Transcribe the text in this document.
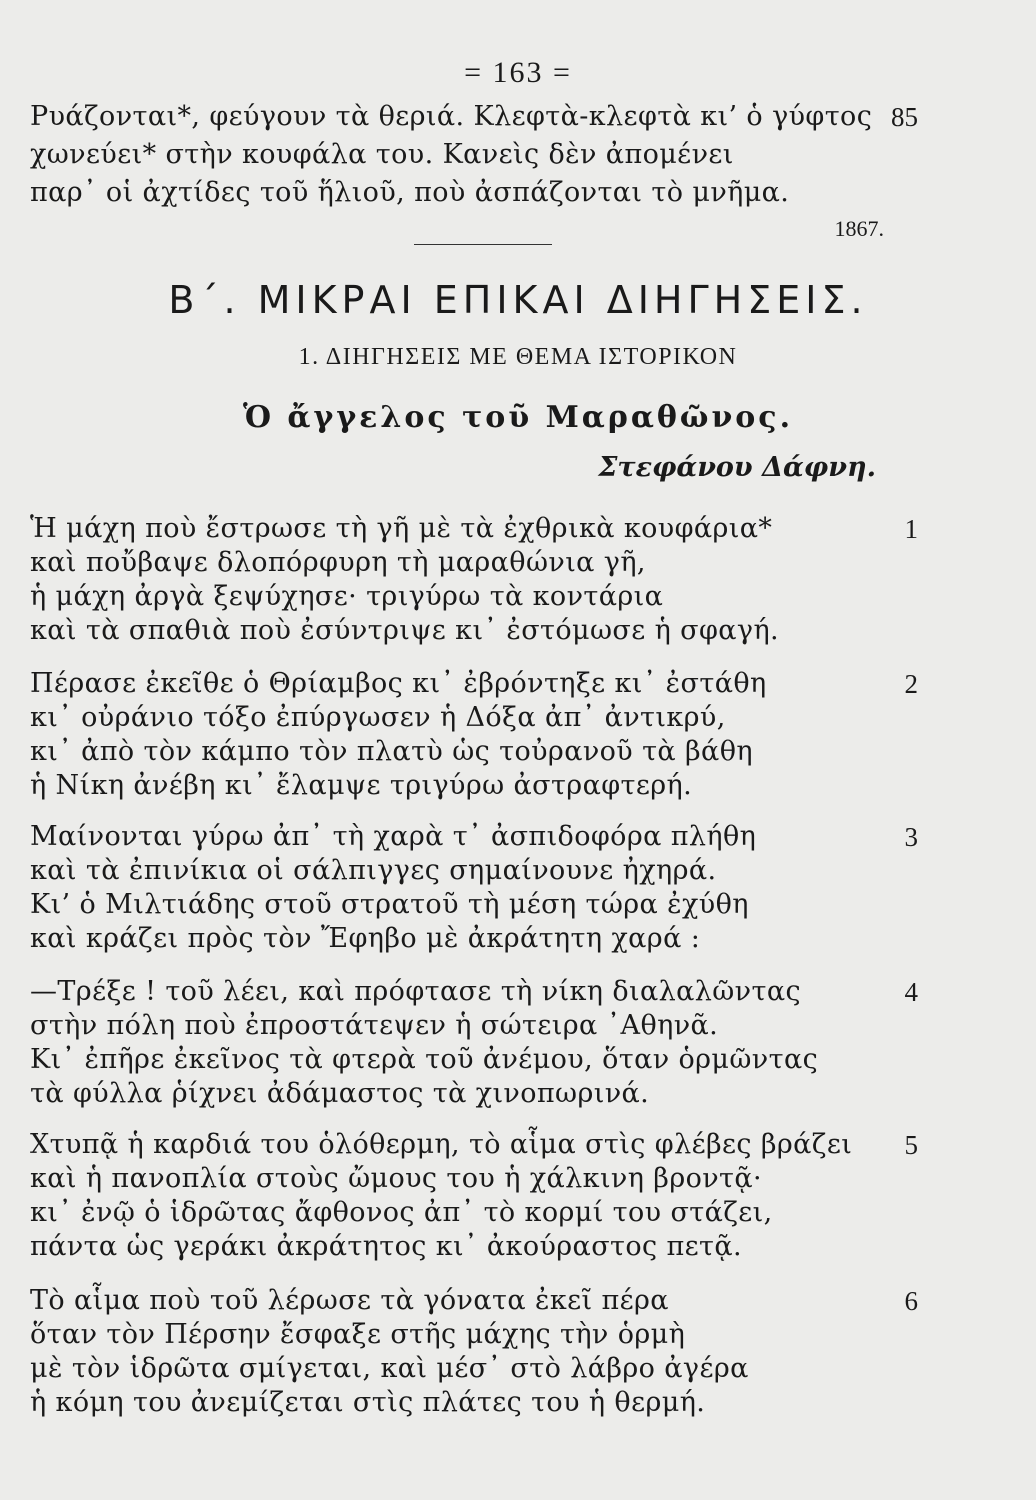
= 163 =
Ρυάζονται*, φεύγουν τὰ θεριά. Κλεφτὰ-κλεφτὰ κι’ ὁ γύφτος 85
χωνεύει* στὴν κουφάλα του. Κανεὶς δὲν ἀπομένει
παρ᾽ οἱ ἀχτίδες τοῦ ἥλιοῦ, ποὺ ἀσπάζονται τὸ μνῆμα.
1867.
Β΄. ΜΙΚΡΑΙ ΕΠΙΚΑΙ ΔΙΗΓΗΣΕΙΣ.
1. ΔΙΗΓΗΣΕΙΣ ΜΕ ΘΕΜΑ ΙΣΤΟΡΙΚΟΝ
Ὁ ἄγγελος τοῦ Μαραθῶνος.
Στεφάνου Δάφνη.
1
Ἡ μάχη ποὺ ἔστρωσε τὴ γῆ μὲ τὰ ἐχθρικὰ κουφάρια*
καὶ ποὔβαψε δλοπόρφυρη τὴ μαραθώνια γῆ,
ἡ μάχη ἀργὰ ξεψύχησε· τριγύρω τὰ κοντάρια
καὶ τὰ σπαθιὰ ποὺ ἐσύντριψε κι᾽ ἐστόμωσε ἡ σφαγή.
2
Πέρασε ἐκεῖθε ὁ Θρίαμβος κι᾽ ἐβρόντηξε κι᾽ ἐστάθη
κι᾽ οὐράνιο τόξο ἐπύργωσεν ἡ Δόξα ἀπ᾽ ἀντικρύ,
κι᾽ ἀπὸ τὸν κάμπο τὸν πλατὺ ὡς τοὐρανοῦ τὰ βάθη
ἡ Νίκη ἀνέβη κι᾽ ἔλαμψε τριγύρω ἀστραφτερή.
3
Μαίνονται γύρω ἀπ᾽ τὴ χαρὰ τ᾽ ἀσπιδοφόρα πλήθη
καὶ τὰ ἐπινίκια οἱ σάλπιγγες σημαίνουνε ἠχηρά.
Κι’ ὁ Μιλτιάδης στοῦ στρατοῦ τὴ μέση τώρα ἐχύθη
καὶ κράζει πρὸς τὸν Ἔφηβο μὲ ἀκράτητη χαρά :
4
—Τρέξε ! τοῦ λέει, καὶ πρόφτασε τὴ νίκη διαλαλῶντας
στὴν πόλη ποὺ ἐπροστάτεψεν ἡ σώτειρα ᾽Αθηνᾶ.
Κι᾽ ἐπῆρε ἐκεῖνος τὰ φτερὰ τοῦ ἀνέμου, ὅταν ὁρμῶντας
τὰ φύλλα ῥίχνει ἀδάμαστος τὰ χινοπωρινά.
5
Χτυπᾷ ἡ καρδιά του ὁλόθερμη, τὸ αἷμα στὶς φλέβες βράζει
καὶ ἡ πανοπλία στοὺς ὤμους του ἡ χάλκινη βροντᾷ·
κι᾽ ἐνῷ ὁ ἱδρῶτας ἄφθονος ἀπ᾽ τὸ κορμί του στάζει,
πάντα ὡς γεράκι ἀκράτητος κι᾽ ἀκούραστος πετᾷ.
6
Τὸ αἷμα ποὺ τοῦ λέρωσε τὰ γόνατα ἐκεῖ πέρα
ὅταν τὸν Πέρσην ἔσφαξε στῆς μάχης τὴν ὁρμὴ
μὲ τὸν ἱδρῶτα σμίγεται, καὶ μέσ᾽ στὸ λάβρο ἀγέρα
ἡ κόμη του ἀνεμίζεται στὶς πλάτες του ἡ θερμή.
